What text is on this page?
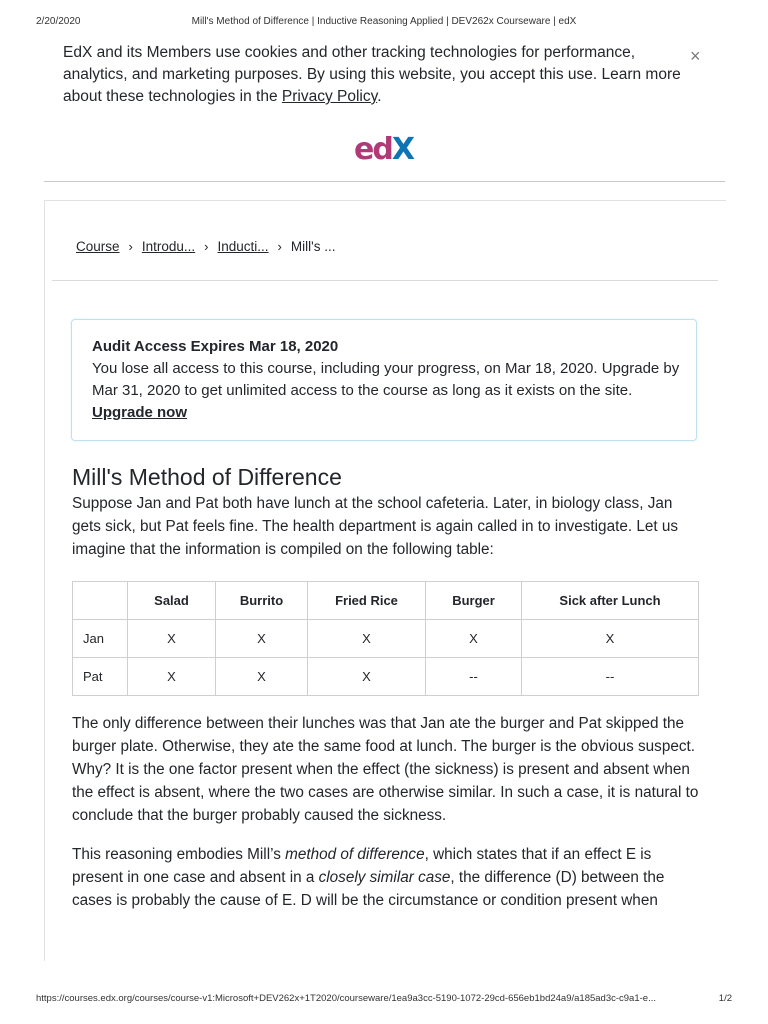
2/20/2020	Mill's Method of Difference | Inductive Reasoning Applied | DEV262x Courseware | edX
EdX and its Members use cookies and other tracking technologies for performance, analytics, and marketing purposes. By using this website, you accept this use. Learn more about these technologies in the Privacy Policy.
×
edX
Course › Introdu... › Inducti... › Mill's ...
Audit Access Expires Mar 18, 2020
You lose all access to this course, including your progress, on Mar 18, 2020. Upgrade by Mar 31, 2020 to get unlimited access to the course as long as it exists on the site. Upgrade now
Mill's Method of Difference

Suppose Jan and Pat both have lunch at the school cafeteria. Later, in biology class, Jan gets sick, but Pat feels fine. The health department is again called in to investigate. Let us imagine that the information is compiled on the following table:

	Salad	Burrito	Fried Rice	Burger	Sick after Lunch
Jan	X	X	X	X	X
Pat	X	X	X	--	--

The only difference between their lunches was that Jan ate the burger and Pat skipped the burger plate. Otherwise, they ate the same food at lunch. The burger is the obvious suspect. Why? It is the one factor present when the effect (the sickness) is present and absent when the effect is absent, where the two cases are otherwise similar. In such a case, it is natural to conclude that the burger probably caused the sickness.

This reasoning embodies Mill’s method of difference, which states that if an effect E is present in one case and absent in a closely similar case, the difference (D) between the cases is probably the cause of E. D will be the circumstance or condition present when

https://courses.edx.org/courses/course-v1:Microsoft+DEV262x+1T2020/courseware/1ea9a3cc-5190-1072-29cd-656eb1bd24a9/a185ad3c-c9a1-e...	1/2
